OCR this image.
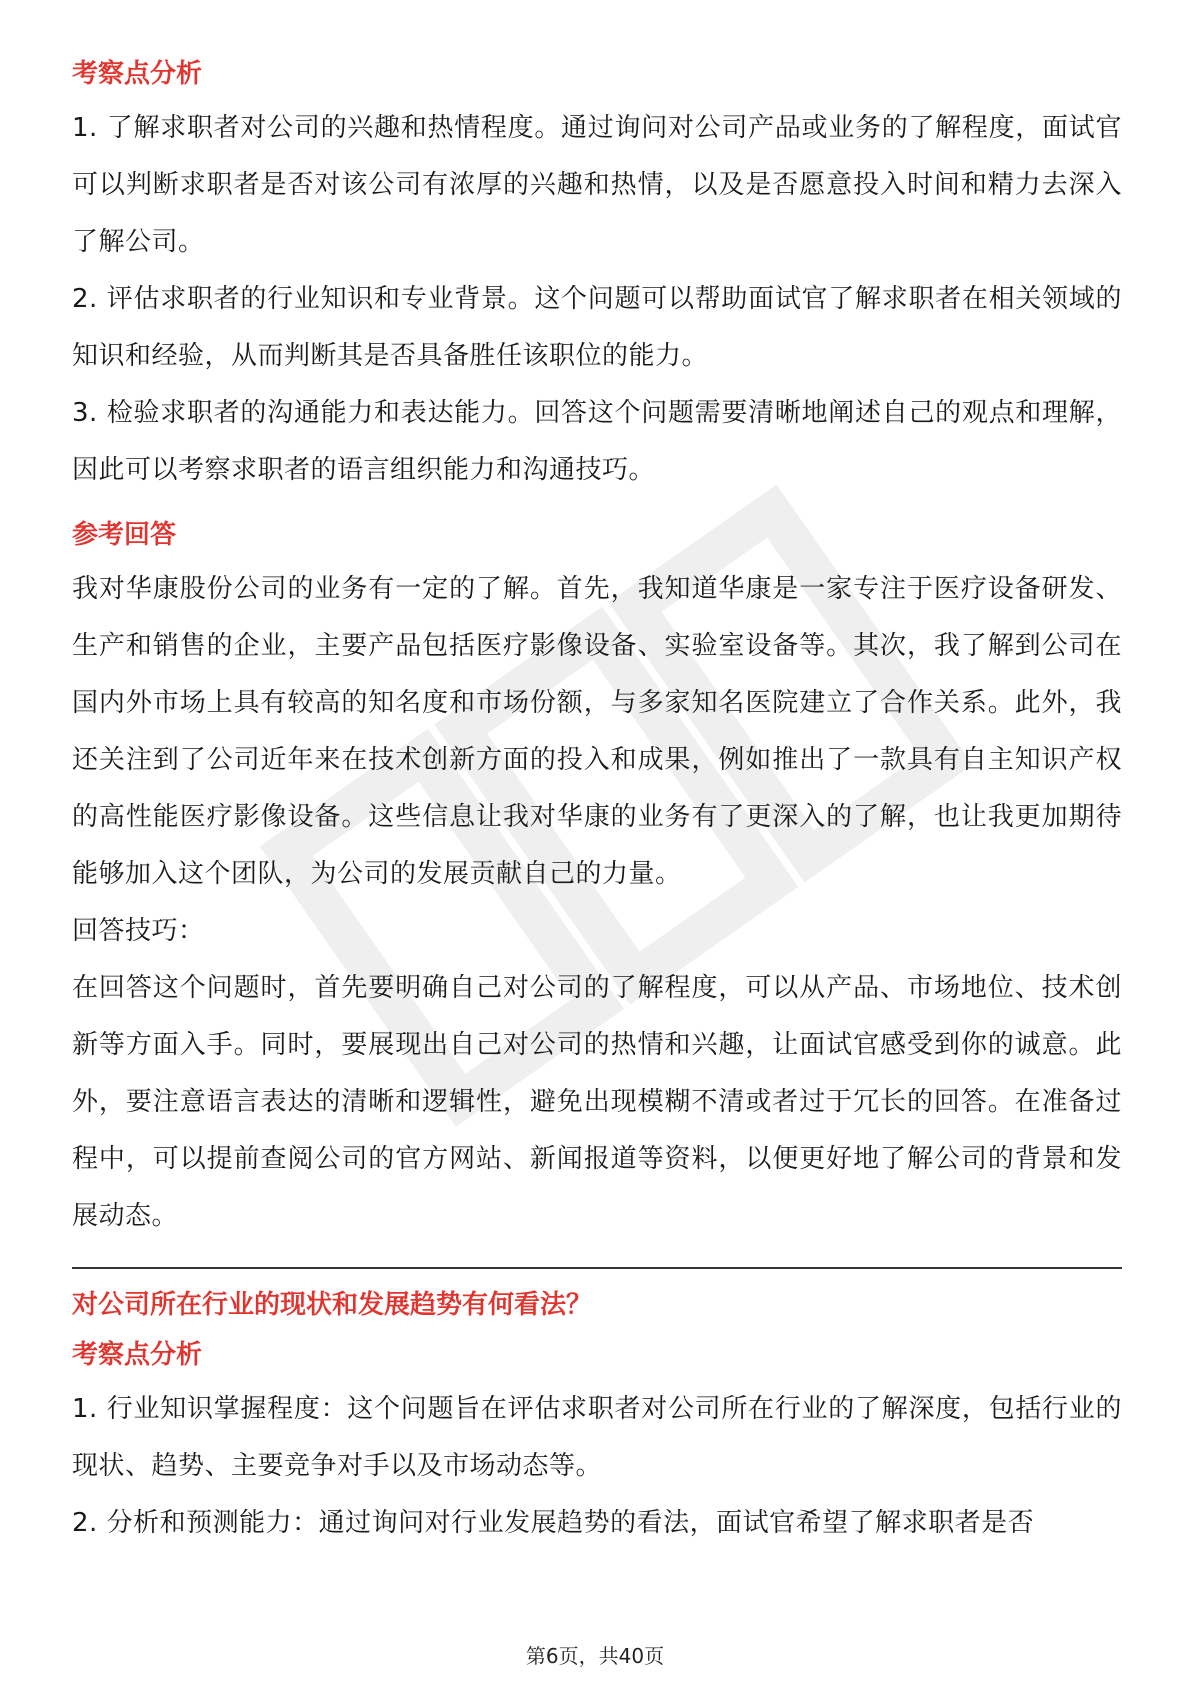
考察点分析

1. 了解求职者对公司的兴趣和热情程度。通过询问对公司产品或业务的了解程度，面试官可以判断求职者是否对该公司有浓厚的兴趣和热情，以及是否愿意投入时间和精力去深入了解公司。

2. 评估求职者的行业知识和专业背景。这个问题可以帮助面试官了解求职者在相关领域的知识和经验，从而判断其是否具备胜任该职位的能力。

3. 检验求职者的沟通能力和表达能力。回答这个问题需要清晰地阐述自己的观点和理解，因此可以考察求职者的语言组织能力和沟通技巧。

参考回答

我对华康股份公司的业务有一定的了解。首先，我知道华康是一家专注于医疗设备研发、生产和销售的企业，主要产品包括医疗影像设备、实验室设备等。其次，我了解到公司在国内外市场上具有较高的知名度和市场份额，与多家知名医院建立了合作关系。此外，我还关注到了公司近年来在技术创新方面的投入和成果，例如推出了一款具有自主知识产权的高性能医疗影像设备。这些信息让我对华康的业务有了更深入的了解，也让我更加期待能够加入这个团队，为公司的发展贡献自己的力量。

回答技巧：

在回答这个问题时，首先要明确自己对公司的了解程度，可以从产品、市场地位、技术创新等方面入手。同时，要展现出自己对公司的热情和兴趣，让面试官感受到你的诚意。此外，要注意语言表达的清晰和逻辑性，避免出现模糊不清或者过于冗长的回答。在准备过程中，可以提前查阅公司的官方网站、新闻报道等资料，以便更好地了解公司的背景和发展动态。

对公司所在行业的现状和发展趋势有何看法？
考察点分析

1. 行业知识掌握程度：这个问题旨在评估求职者对公司所在行业的了解深度，包括行业的现状、趋势、主要竞争对手以及市场动态等。

2. 分析和预测能力：通过询问对行业发展趋势的看法，面试官希望了解求职者是否

第6页，共40页
